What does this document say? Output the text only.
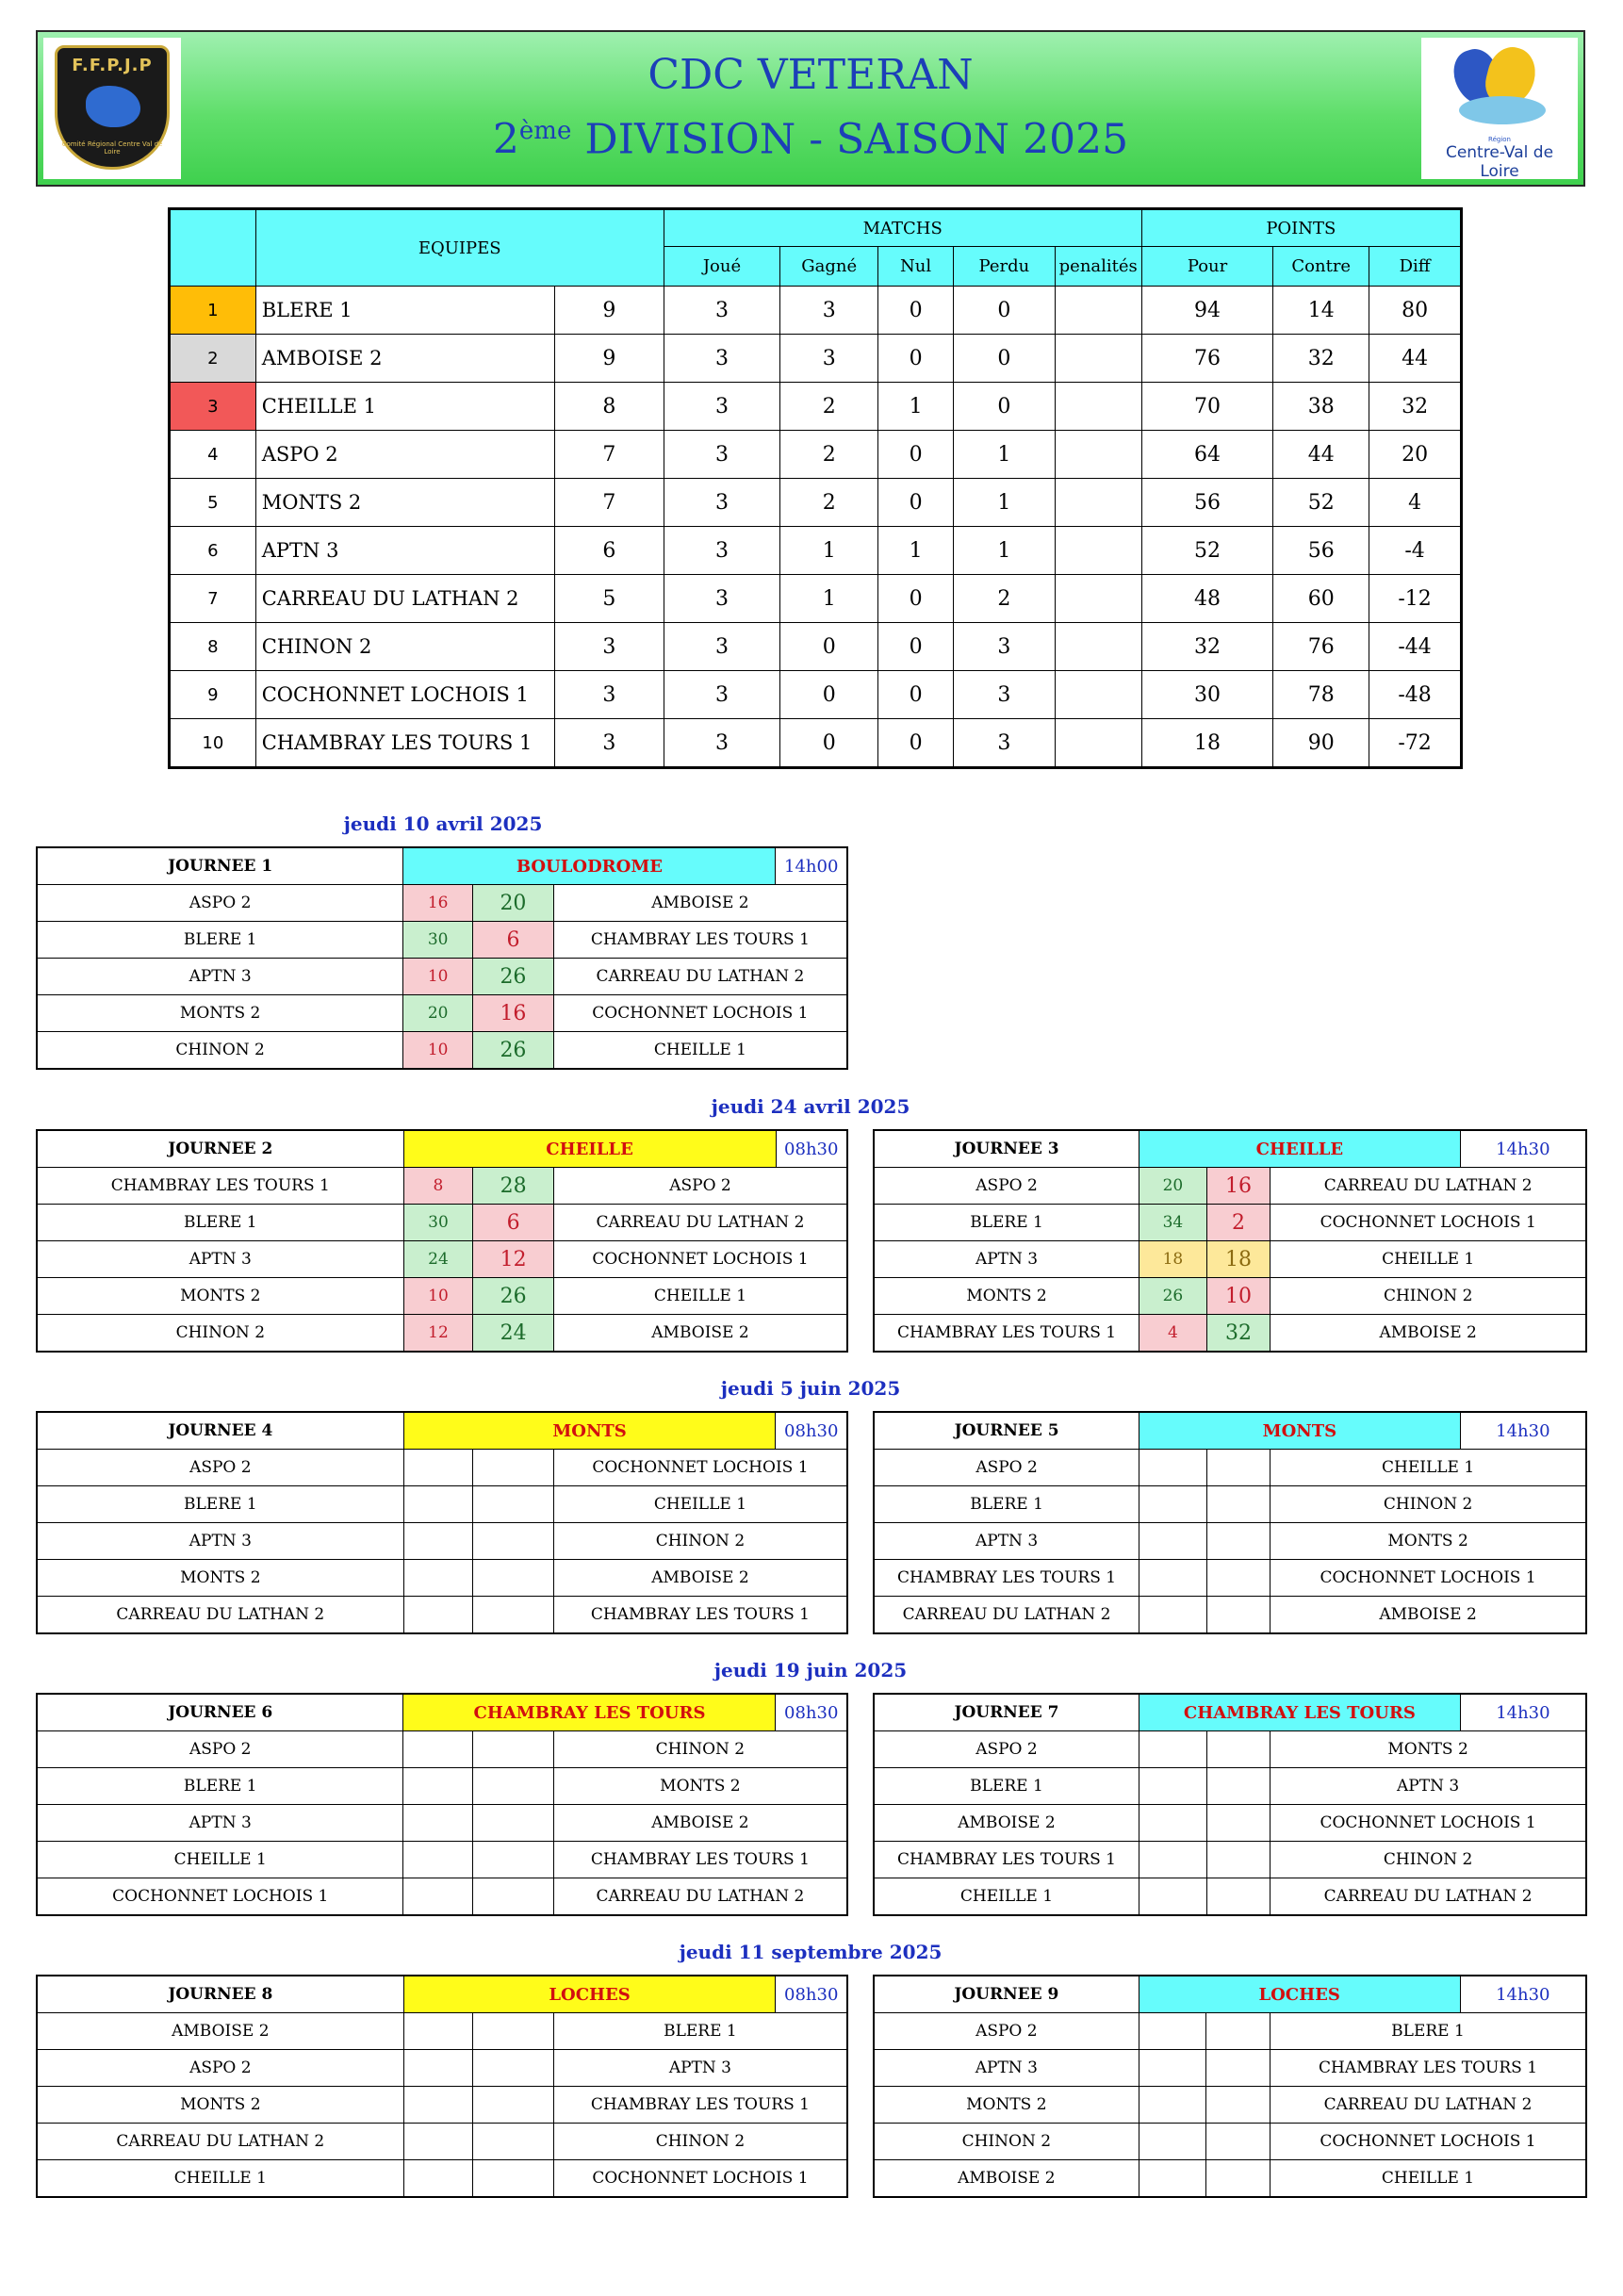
F.F.P.J.P
Comité Régional Centre Val de Loire
CDC VETERAN
2ème DIVISION - SAISON 2025	Région
Centre-Val de Loire
	EQUIPES		MATCHS					POINTS		
			Joué	Gagné	Nul	Perdu	penalités	Pour	Contre	Diff
1	BLERE 1	9	3	3	0	0		94	14	80
2	AMBOISE 2	9	3	3	0	0		76	32	44
3	CHEILLE 1	8	3	2	1	0		70	38	32
4	ASPO 2	7	3	2	0	1		64	44	20
5	MONTS 2	7	3	2	0	1		56	52	4
6	APTN 3	6	3	1	1	1		52	56	-4
7	CARREAU DU LATHAN 2	5	3	1	0	2		48	60	-12
8	CHINON 2	3	3	0	0	3		32	76	-44
9	COCHONNET LOCHOIS 1	3	3	0	0	3		30	78	-48
10	CHAMBRAY LES TOURS 1	3	3	0	0	3		18	90	-72
jeudi 10 avril 2025
jeudi 24 avril 2025
jeudi 5 juin 2025
jeudi 19 juin 2025
jeudi 11 septembre 2025
JOURNEE 1	BOULODROME			14h00
ASPO 2	16	20	AMBOISE 2	
BLERE 1	30	6	CHAMBRAY LES TOURS 1	
APTN 3	10	26	CARREAU DU LATHAN 2	
MONTS 2	20	16	COCHONNET LOCHOIS 1	
CHINON 2	10	26	CHEILLE 1	
JOURNEE 2	CHEILLE			08h30
CHAMBRAY LES TOURS 1	8	28	ASPO 2	
BLERE 1	30	6	CARREAU DU LATHAN 2	
APTN 3	24	12	COCHONNET LOCHOIS 1	
MONTS 2	10	26	CHEILLE 1	
CHINON 2	12	24	AMBOISE 2	
JOURNEE 3	CHEILLE			14h30
ASPO 2	20	16	CARREAU DU LATHAN 2	
BLERE 1	34	2	COCHONNET LOCHOIS 1	
APTN 3	18	18	CHEILLE 1	
MONTS 2	26	10	CHINON 2	
CHAMBRAY LES TOURS 1	4	32	AMBOISE 2	
JOURNEE 4	MONTS			08h30
ASPO 2			COCHONNET LOCHOIS 1	
BLERE 1			CHEILLE 1	
APTN 3			CHINON 2	
MONTS 2			AMBOISE 2	
CARREAU DU LATHAN 2			CHAMBRAY LES TOURS 1	
JOURNEE 5	MONTS			14h30
ASPO 2			CHEILLE 1	
BLERE 1			CHINON 2	
APTN 3			MONTS 2	
CHAMBRAY LES TOURS 1			COCHONNET LOCHOIS 1	
CARREAU DU LATHAN 2			AMBOISE 2	
JOURNEE 6	CHAMBRAY LES TOURS			08h30
ASPO 2			CHINON 2	
BLERE 1			MONTS 2	
APTN 3			AMBOISE 2	
CHEILLE 1			CHAMBRAY LES TOURS 1	
COCHONNET LOCHOIS 1			CARREAU DU LATHAN 2	
JOURNEE 7	CHAMBRAY LES TOURS			14h30
ASPO 2			MONTS 2	
BLERE 1			APTN 3	
AMBOISE 2			COCHONNET LOCHOIS 1	
CHAMBRAY LES TOURS 1			CHINON 2	
CHEILLE 1			CARREAU DU LATHAN 2	
JOURNEE 8	LOCHES			08h30
AMBOISE 2			BLERE 1	
ASPO 2			APTN 3	
MONTS 2			CHAMBRAY LES TOURS 1	
CARREAU DU LATHAN 2			CHINON 2	
CHEILLE 1			COCHONNET LOCHOIS 1	
JOURNEE 9	LOCHES			14h30
ASPO 2			BLERE 1	
APTN 3			CHAMBRAY LES TOURS 1	
MONTS 2			CARREAU DU LATHAN 2	
CHINON 2			COCHONNET LOCHOIS 1	
AMBOISE 2			CHEILLE 1	
